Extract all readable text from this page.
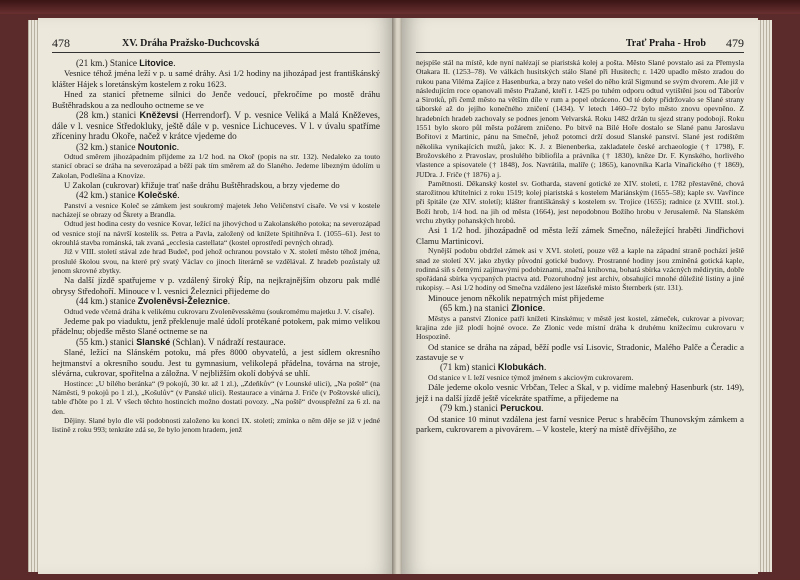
478	XV. Dráha Pražsko-Duchcovská

(21 km.) Stanice Litovice.

Vesnice téhož jména leží v p. u samé dráhy. Asi 1/2 hodiny na jihozápad jest františkánský klášter Hájek s loretánským kostelem z roku 1623.

Hned za stanicí přetneme silnici do Jenče vedoucí, překročíme po mostě dráhu Buštěhradskou a za nedlouho octneme se ve

(28 km.) stanici Kněževsi (Herrendorf). V p. vesnice Veliká a Malá Kněževes, dále v l. vesnice Středokluky, ještě dále v p. vesnice Lichuceves. V l. v úvalu spatříme zříceniny hradu Okoře, načež v krátce vjedeme do

(32 km.) stanice Noutonic.

Odtud směrem jihozápadním přijdeme za 1/2 hod. na Okoř (popis na str. 132). Nedaleko za touto stanicí obrací se dráha na severozápad a běží pak tím směrem až do Slaného. Jedeme líbezným údolím u Zakolan, Podlešína a Knovíze.

U Zakolan (cukrovar) křižuje trať naše dráhu Buštěhradskou, a brzy vjedeme do

(42 km.) stanice Kolečské.

Panství a vesnice Koleč se zámkem jest soukromý majetek Jeho Veličenství císaře. Ve vsi v kostele nacházejí se obrazy od Škrety a Brandla.

Odtud jest hodina cesty do vesnice Kovar, ležící na jihovýchod u Zakolanského potoka; na severozápad od vesnice stojí na návrší kostelík ss. Petra a Pavla, založený od knížete Spitihněva I. (1055–61). Jest to okrouhlá stavba románská, tak zvaná „ecclesia castellata“ (kostel oprostředí pevných ohrad).

Již v VIII. století stával zde hrad Budeč, pod jehož ochranou povstalo v X. století město téhož jména, proslulé školou svou, na které prý svatý Václav co jinoch literárně se vzdělával. Z hradeb pozůstaly už jenom skrovné zbytky.

Na další jízdě spatřujeme v p. vzdálený široký Říp, na nejkrajnějším obzoru pak mdlé obrysy Středohoří. Minouce v l. vesnici Železnici přijedeme do

(44 km.) stanice Zvoleněvsi-Železnice.

Odtud vede včetná dráha k velikému cukrovaru Zvoleněvesskému (soukromému majetku J. V. císaře).

Jedeme pak po viaduktu, jenž překlenuje malé údolí protékané potokem, pak mimo velikou přádelnu; objedše město Slané octneme se na

(55 km.) stanici Slanské (Schlan). V nádraží restaurace.

Slané, ležící na Slánském potoku, má přes 8000 obyvatelů, a jest sídlem okresního hejtmanství a okresního soudu. Jest tu gymnasium, velikolepá přádelna, továrna na stroje, slévárna, cukrovar, spořitelna a záložna. V nejbližším okolí dobývá se uhlí.

Hostince: „U bílého beránka“ (9 pokojů, 30 kr. až 1 zl.), „Zdeňkův“ (v Lounské ulici), „Na poště“ (na Náměstí, 9 pokojů po 1 zl.), „Košulův“ (v Panské ulici). Restaurace a vinárna J. Friče (v Poštovské ulici), table d'hôte po 1 zl. V všech těchto hostincích možno dostati povozy. „Na poště“ dvouspřežní za 6 zl. na den.

Dějiny. Slané bylo dle vší podobnosti založeno ku konci IX. století; zmínka o něm děje se již v jedné listině z roku 993; tenkráte zdá se, že bylo jenom hradem, jenž

Trať Praha - Hrob 479

nejspíše stál na místě, kde nyní nalézají se piaristská kolej a pošta. Město Slané povstalo asi za Přemysla Otakara II. (1253–78). Ve válkách husitských stálo Slané při Husitech; r. 1420 upadlo město zradou do rukou pana Viléma Zajíce z Hasenburka, a brzy nato vešel do něho král Sigmund se svým dvorem. Ale již v následujícím roce opanovali město Pražané, kteří r. 1425 po tuhém odporu odtud vytištěni jsou od Táborův a Sirotků, při čemž město na větším díle v rum a popel obráceno. Od té doby přidržovalo se Slané strany táborské až do jejího konečného zničení (1434). V letech 1460–72 bylo město znovu opevněno. Z hradebních hradeb zachovaly se podnes jenom Velvarská. Roku 1482 držán tu sjezd strany podobojí. Roku 1551 bylo skoro půl města požárem zničeno. Po bitvě na Bílé Hoře dostalo se Slané panu Jaroslavu Bořitovi z Martinic, pánu na Smečně, jehož potomci drží dosud Slanské panství. Slané jest rodištěm několika vynikajících mužů, jako: K. J. z Bienenberka, zakladatele české archaeologie († 1798), F. Brožovského z Pravoslav, proslulého bibliofila a právníka († 1830), kněze Dr. F. Kynského, horlivého vlastence a spisovatele († 1848), Jos. Navrátila, malíře (; 1865), kanovníka Karla Vinařického († 1869), JUDra. J. Friče († 1876) a j.

Pamětnosti. Děkanský kostel sv. Gotharda, stavení gotické ze XIV. století, r. 1782 přestavěné, chová starožitnou křtitelnici z roku 1519; kolej piaristská s kostelem Mariánským (1655–58); kaple sv. Vavřince při špitále (ze XIV. století); klášter františkánský s kostelem sv. Trojice (1655); radnice (z XVIII. stol.). Boží hrob, 1/4 hod. na jih od města (1664), jest nepodobnou Božího hrobu v Jerusalemě. Na Slanském vrchu zbytky pohanských hrobů.

Asi 1 1/2 hod. jihozápadně od města leží zámek Smečno, náležející hraběti Jindřichovi Clamu Martinicovi.

Nynější podobu obdržel zámek asi v XVI. století, pouze věž a kaple na západní straně pochází ještě snad ze století XV. jako zbytky původní gotické budovy. Prostranné hodiny jsou zmíněná gotická kaple, rodinná síň s četnými zajímavými podobiznami, značná knihovna, bohatá sbírka vzácných mědirytin, dobře spořádaná sbírka vycpaných ptactva atd. Pozoruhodný jest archiv, obsahující mnohé důležité listiny a jiné rukopisy. – Asi 1/2 hodiny od Smečna vzdáleno jest lázeňské místo Šternberk (str. 131).

Minouce jenom několik nepatrných míst přijedeme

(65 km.) na stanici Zlonice.

Městys a panství Zlonice patří knížeti Kinskému; v městě jest kostel, zámeček, cukrovar a pivovar; krajina zde již plodí hojné ovoce. Ze Zlonic vede místní dráha k druhému knížecímu cukrovaru v Hospozíně.

Od stanice se dráha na západ, běží podle vsí Lisovic, Stradonic, Malého Palče a Čeradic a zastavuje se v

(71 km) stanici Klobukách.

Od stanice v l. leží vesnice týmož jménem s akciovým cukrovarem.

Dále jedeme okolo vesnic Vrbčan, Telec a Skal, v p. vidíme malebný Hasenburk (str. 149), jejž i na další jízdě ještě vícekráte spatříme, a přijedeme na

(79 km.) stanici Peruckou.

Od stanice 10 minut vzdálena jest farní vesnice Peruc s hraběcím Thunovským zámkem a parkem, cukrovarem a pivovárem. – V kostele, který na místě dřívějšího, ze
